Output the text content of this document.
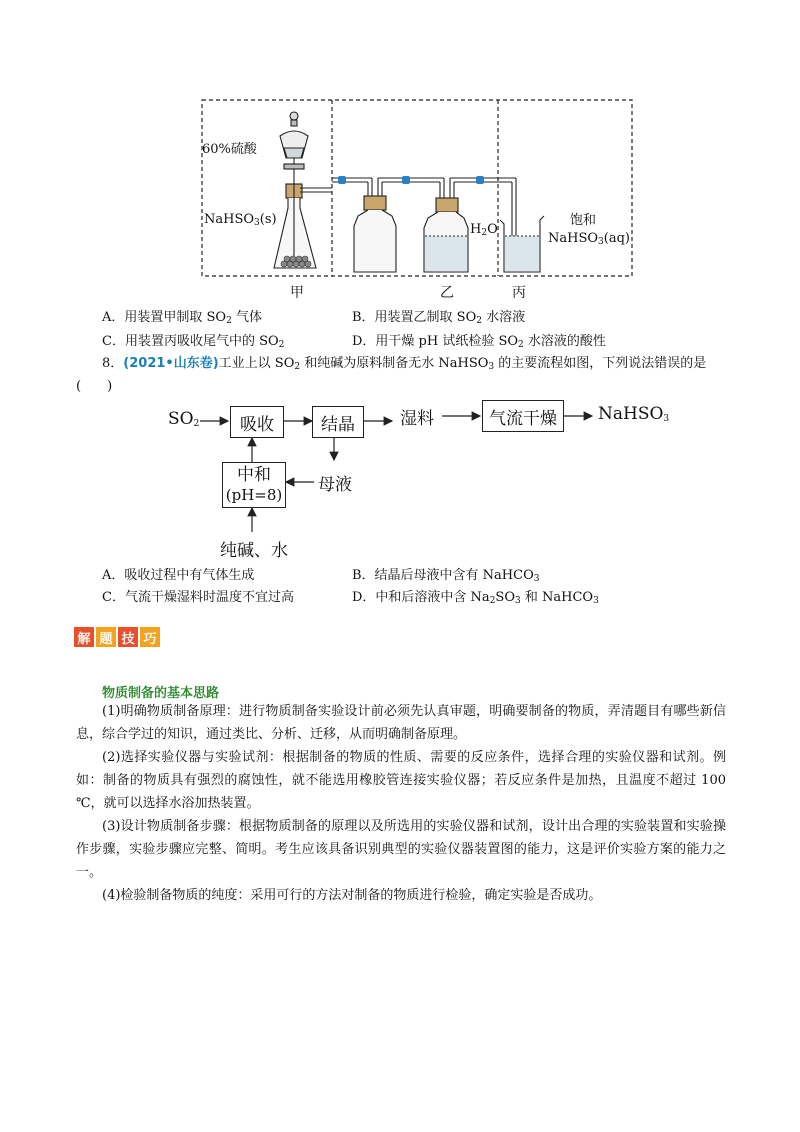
60%硫酸
NaHSO$_3$(s)
$H_2O$
饱和
NaHSO$_3$(aq)
甲	乙	丙
A．用装置甲制取 $SO_2$ 气体	B．用装置乙制取 $SO_2$ 水溶液
C．用装置丙吸收尾气中的 $SO_2$	D．用干燥 pH 试纸检验 $SO_2$ 水溶液的酸性
8．(2021•山东卷)工业上以 $SO_2$ 和纯碱为原料制备无水 NaHSO$_3$ 的主要流程如图，下列说法错误的是
(　　)
$SO_2$ 吸收	结晶	湿料	气流干燥 NaHSO$_3$
中和
(pH=8) 母液
纯碱、水
A．吸收过程中有气体生成	B．结晶后母液中含有 NaHCO$_3$
C．气流干燥湿料时温度不宜过高	D．中和后溶液中含 $Na_2SO_3$ 和 NaHCO$_3$
解 题 技 巧
物质制备的基本思路

(1)明确物质制备原理：进行物质制备实验设计前必须先认真审题，明确要制备的物质，弄清题目有哪些新信息，综合学过的知识，通过类比、分析、迁移，从而明确制备原理。

(2)选择实验仪器与实验试剂：根据制备的物质的性质、需要的反应条件，选择合理的实验仪器和试剂。例如：制备的物质具有强烈的腐蚀性，就不能选用橡胶管连接实验仪器；若反应条件是加热，且温度不超过 100 ℃，就可以选择水浴加热装置。

(3)设计物质制备步骤：根据物质制备的原理以及所选用的实验仪器和试剂，设计出合理的实验装置和实验操作步骤，实验步骤应完整、简明。考生应该具备识别典型的实验仪器装置图的能力，这是评价实验方案的能力之一。

(4)检验制备物质的纯度：采用可行的方法对制备的物质进行检验，确定实验是否成功。
